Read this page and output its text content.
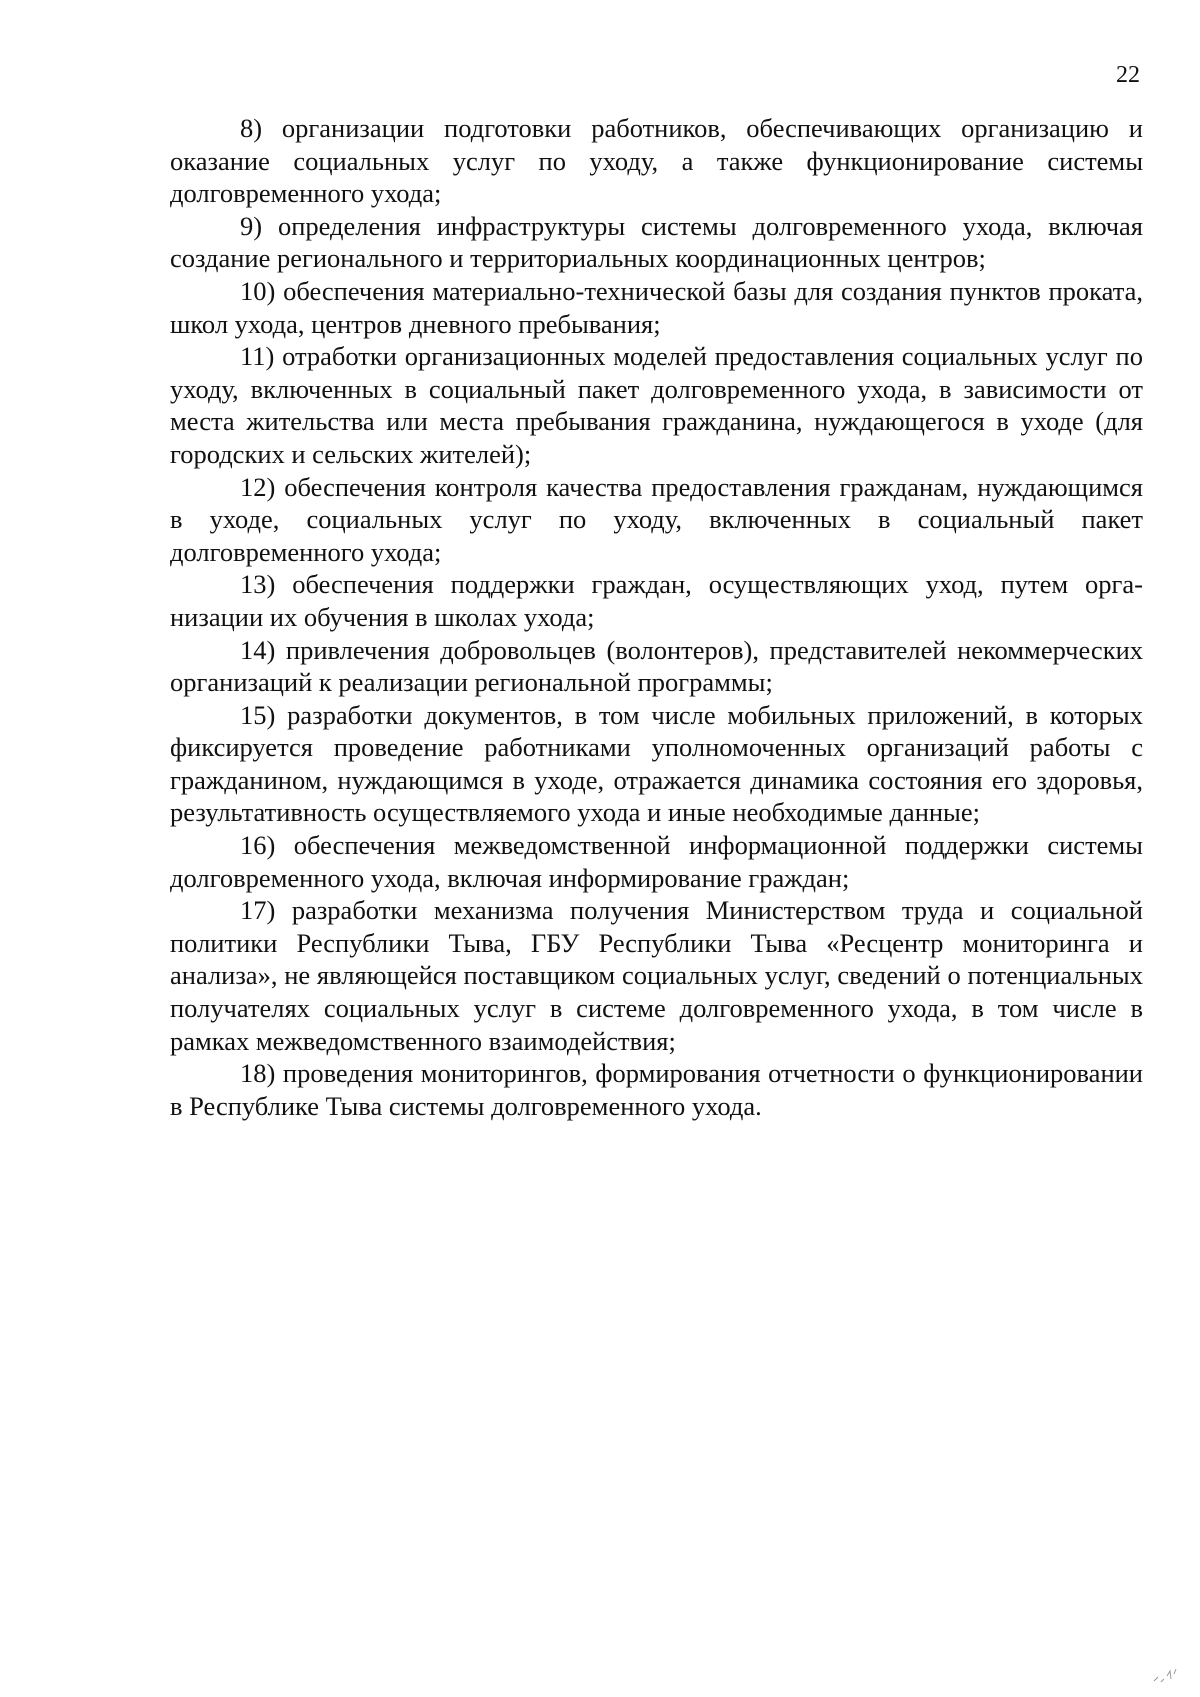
22

8) организации подготовки работников, обеспечивающих организацию и оказание социальных услуг по уходу, а также функционирование системы долговременного ухода;

9) определения инфраструктуры системы долговременного ухода, включая создание регионального и территориальных координационных центров;

10) обеспечения материально-технической базы для создания пунктов проката, школ ухода, центров дневного пребывания;

11) отработки организационных моделей предоставления социальных услуг по уходу, включенных в социальный пакет долговременного ухода, в зависимости от места жительства или места пребывания гражданина, нуждающегося в уходе (для городских и сельских жителей);

12) обеспечения контроля качества предоставления гражданам, нуждающимся в уходе, социальных услуг по уходу, включенных в социальный пакет долговременного ухода;

13) обеспечения поддержки граждан, осуществляющих уход, путем организации их обучения в школах ухода;

14) привлечения добровольцев (волонтеров), представителей некоммерческих организаций к реализации региональной программы;

15) разработки документов, в том числе мобильных приложений, в которых фиксируется проведение работниками уполномоченных организаций работы с гражданином, нуждающимся в уходе, отражается динамика состояния его здоровья, результативность осуществляемого ухода и иные необходимые данные;

16) обеспечения межведомственной информационной поддержки системы долговременного ухода, включая информирование граждан;

17) разработки механизма получения Министерством труда и социальной политики Республики Тыва, ГБУ Республики Тыва «Ресцентр мониторинга и анализа», не являющейся поставщиком социальных услуг, сведений о потенциальных получателях социальных услуг в системе долговременного ухода, в том числе в рамках межведомственного взаимодействия;

18) проведения мониторингов, формирования отчетности о функционировании в Республике Тыва системы долговременного ухода.
